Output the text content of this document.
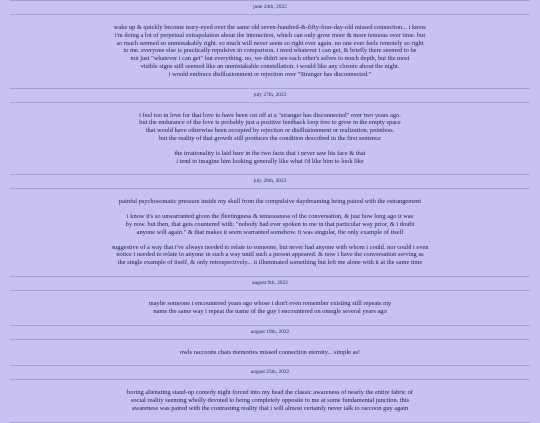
june 24th, 2022
wake up & quickly become teary-eyed over the same old seven-hundred-&-fifty-four-day-old missed connection... i know
i'm doing a lot of perpetual extrapolation about the interaction, which can only grow more & more tenuous over time. but
so much seemed so unmistakably right. so much will never seem so right ever again. no one ever feels remotely so right
to me. everyone else is practically repulsive in comparison. i need whatever i can get, & briefly there seemed to be
not just "whatever i can get" but everything. no, we didn't see each other's selves to much depth, but the most
visible signs still seemed like an unmistakable constellation. i would like any closure about the night.
i would embrace disillusionment or rejection over "Stranger has disconnected."
july 27th, 2022
i feel too in love for that love to have been cut off at a "stranger has disconnected" over two years ago.
but the endurance of the love is probably just a positive feedback loop free to grow in the empty space
that would have otherwise been occupied by rejection or disillusionment or realization. pointless.
but the reality of that growth still produces the condition described in the first sentence
the irrationality is laid bare in the two facts that i never saw his face & that
i tend to imagine him looking generally like what i'd like him to look like
july 28th, 2022
painful psychosomatic pressure inside my skull from the compulsive daydreaming being paired with the estrangement
i know it's so unwarranted given the fleetingness & tenuousness of the conversation, & just how long ago it was
by now. but then, that gets countered with: "nobody had ever spoken to me in that particular way prior, & i doubt
anyone will again." & that makes it seem warranted somehow. it was singular, the only example of itself
suggestive of a way that i've always needed to relate to someone, but never had anyone with whom i could. nor could i even
notice i needed to relate to anyone in such a way until such a person appeared. & now i have the conversation serving as
the single example of itself, & only retrospectively... it illuminated something but left me alone with it at the same time
august 9th, 2022
maybe someone i encountered years ago whose i don't even remember existing still repeats my
name the same way i repeat the name of the guy i encountered on omegle several years ago
august 10th, 2022
owls raccoons chats memories missed connection eternity... simple as!
august 25th, 2022
boring alienating stand-up comedy night forced into my head the classic awareness of nearly the entire fabric of
social reality seeming wholly devoted to being completely opposite to me at some fundamental junction. this
awareness was paired with the contrasting reality that i will almost certainly never talk to raccoon guy again
